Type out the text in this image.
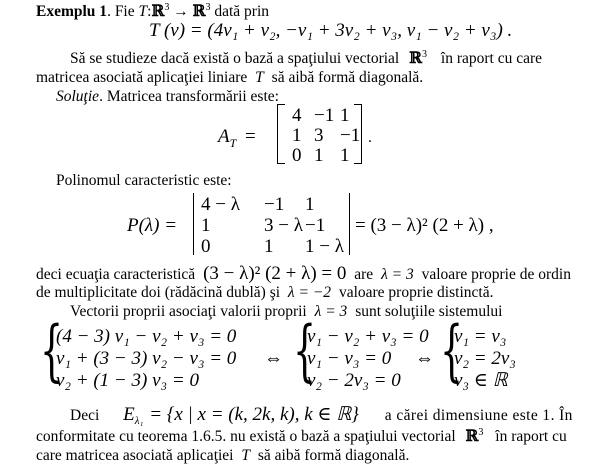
Exemplu 1. Fie T:ℝ$^3$ → ℝ$^3$ dată prin
T (v) = (4v₁ + v₂, −v₁ + 3v₂ + v₃, v₁ − v₂ + v₃) .
Să se studieze dacă există o bază a spaţiului vectorial ℝ$^3$ în raport cu care
matricea asociată aplicaţiei liniare T să aibă formă diagonală.
Soluţie. Matricea transformării este:
$A_T$ =
4 −1 1
1 3 −1
0 1 1
.
Polinomul caracteristic este:
P(λ) =
4 − λ −1 1
1	3 − λ −1
0	1 1 − λ
= (3 − λ)² (2 + λ) ,
deci ecuaţia caracteristică (3 − λ)² (2 + λ) = 0 are λ = 3 valoare proprie de ordin
de multiplicitate doi (rădăcină dublă) şi λ = −2 valoare proprie distinctă.
Vectorii proprii asociaţi valorii proprii λ = 3 sunt soluţiile sistemului
{
(4 − 3) v₁ − v₂ + v₃ = 0
v₁ + (3 − 3) v₂ − v₃ = 0
v₂ + (1 − 3) v₃ = 0
⇔ {
v₁ − v₂ + v₃ = 0
v₁ − v₃ = 0
v₂ − 2v₃ = 0
⇔ {
v₁ = v₃
v₂ = 2v₃
v₃ ∈ ℝ
Deci $E_{\lambda_1} = \{x$ | x = (k, 2k, k), k ∈ ℝ} a cărei dimensiune este 1. În
conformitate cu teorema 1.6.5. nu există o bază a spaţiului vectorial ℝ$^3$ în raport cu
care matricea asociată aplicaţiei T să aibă formă diagonală.
